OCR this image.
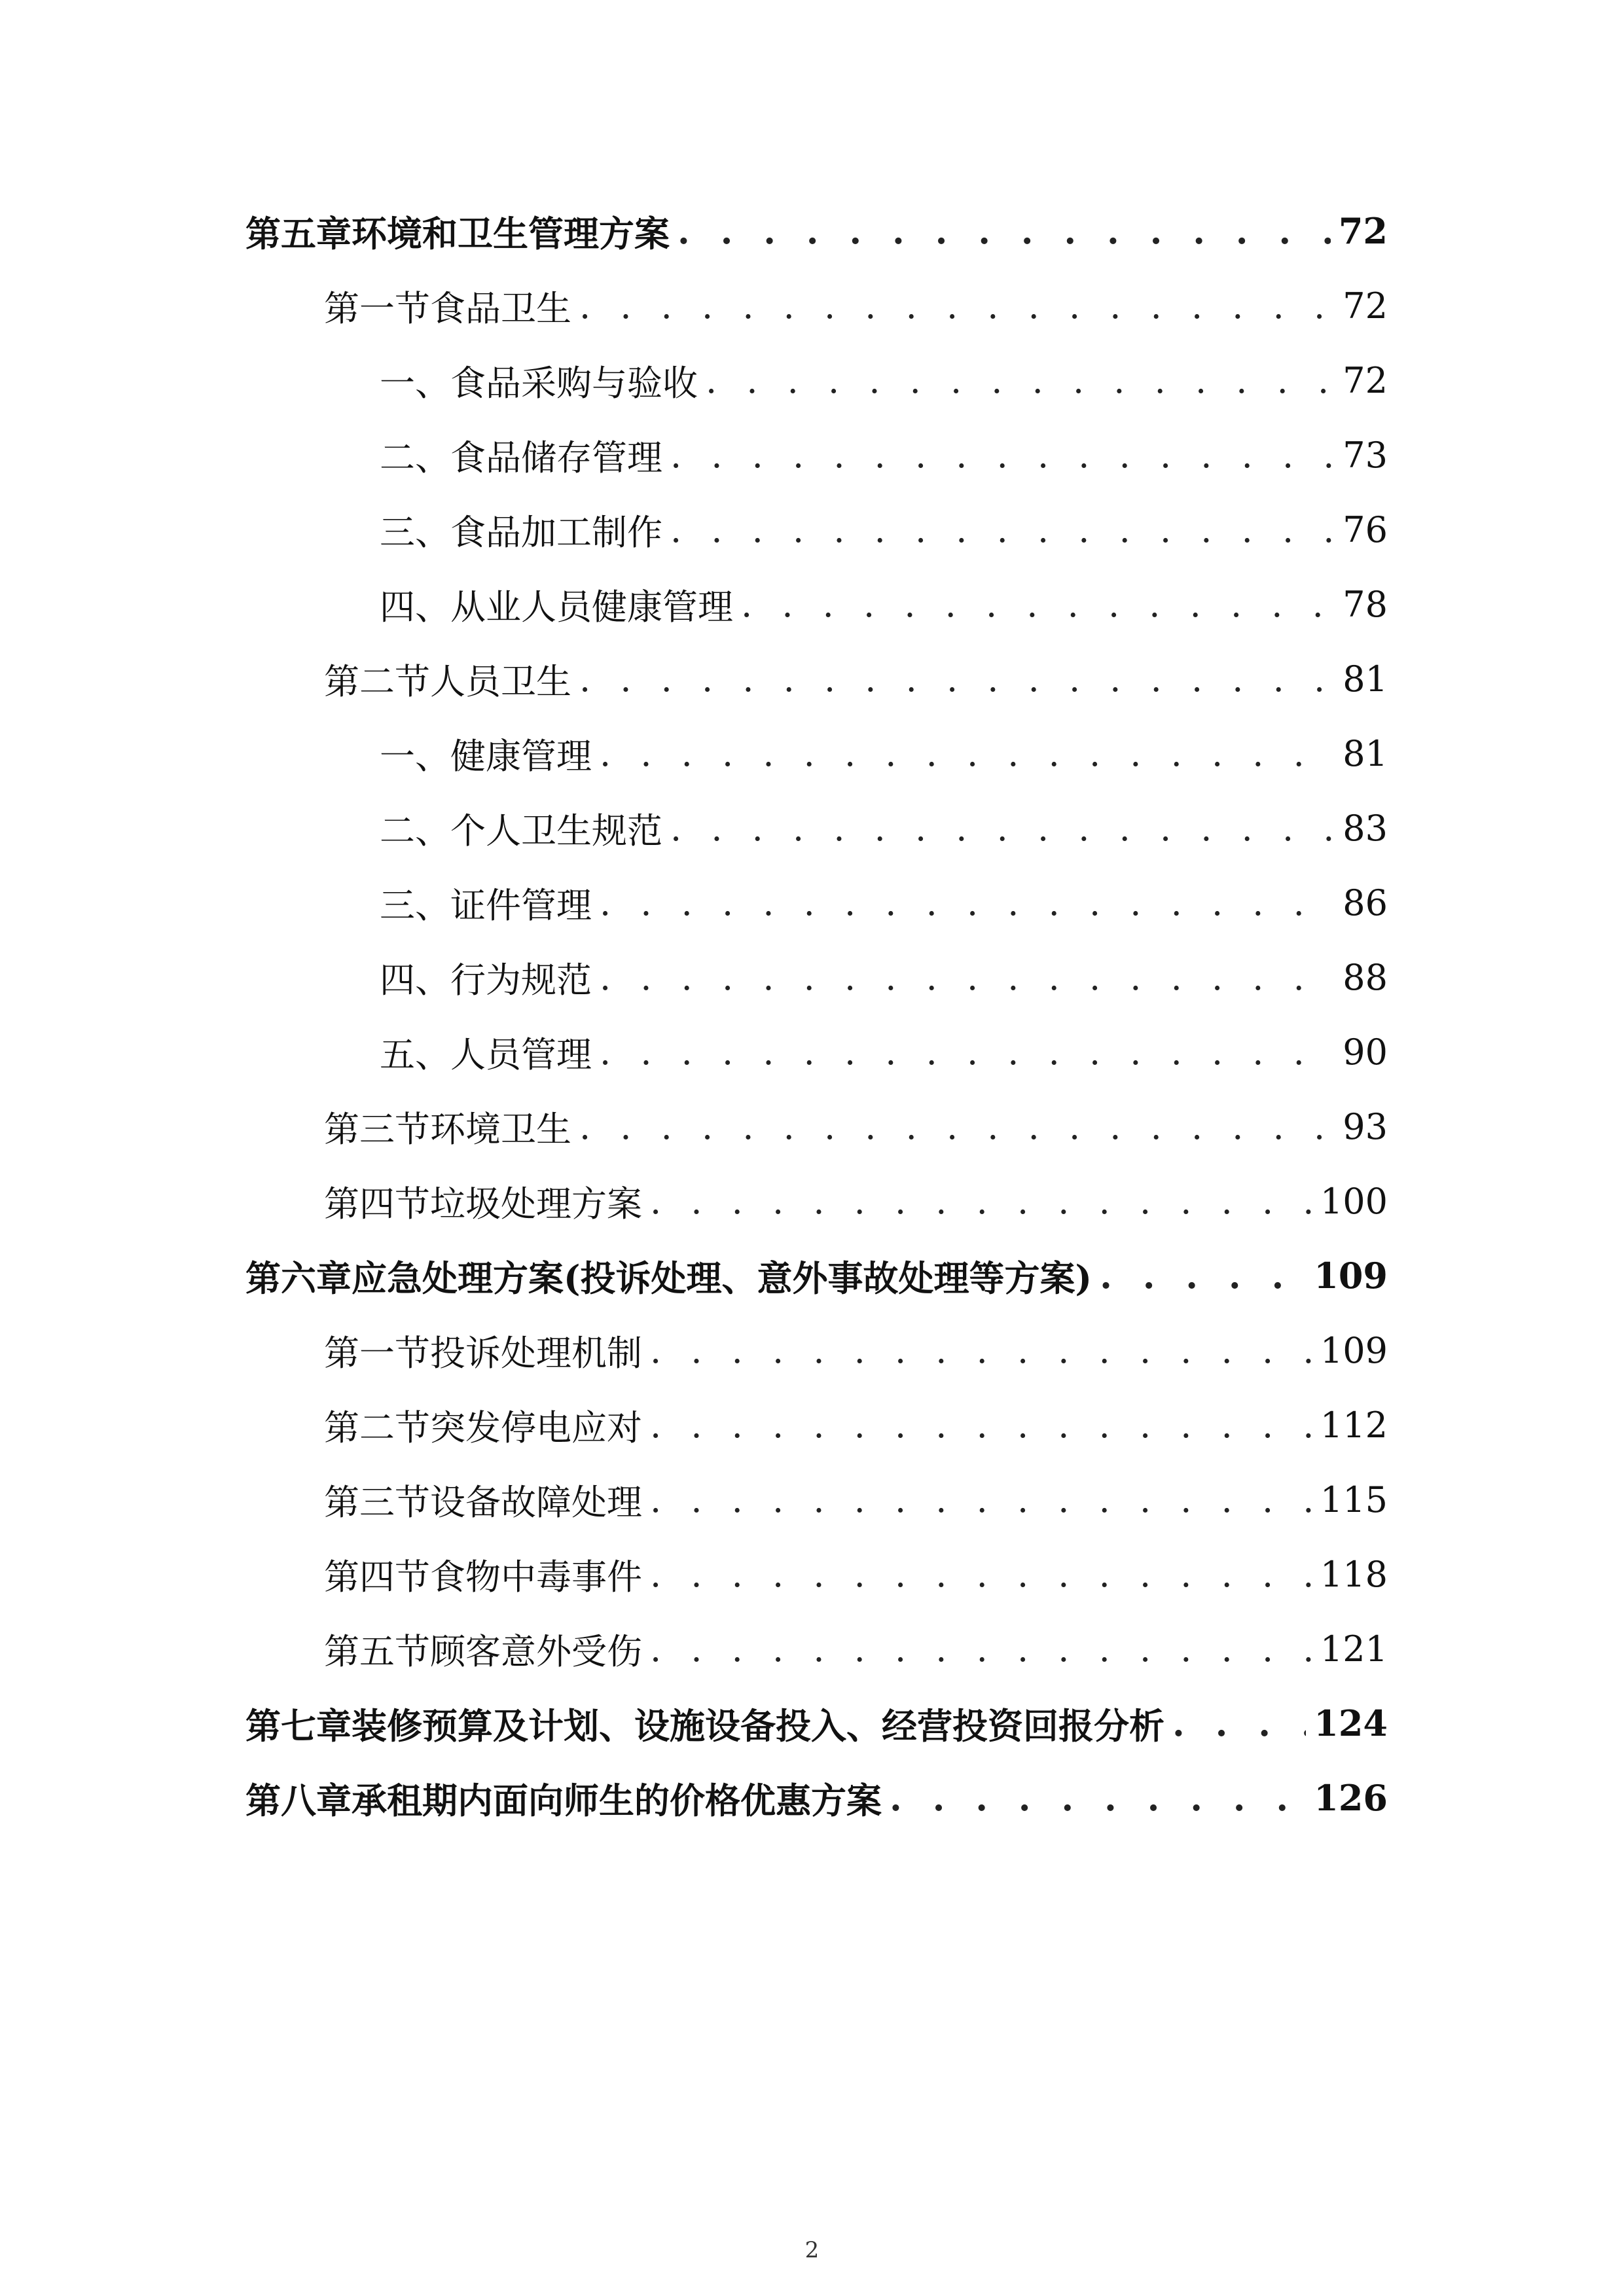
第五章 环境和卫生管理方案 . . .	72
第一节 食品卫生 . . .	72
一、 食品采购与验收 . . .	72
二、 食品储存管理 . . .	73
三、 食品加工制作 . . .	76
四、 从业人员健康管理 . . .	78
第二节 人员卫生 . . .	81
一、 健康管理 . . .	81
二、 个人卫生规范 . . .	83
三、 证件管理 . . .	86
四、 行为规范 . . .	88
五、 人员管理 . . .	90
第三节 环境卫生 . . .	93
第四节 垃圾处理方案 . . .	100
第六章 应急处理方案(投诉处理、意外事故处理等方案) . . .	109
第一节 投诉处理机制 . . .	109
第二节 突发停电应对 . . .	112
第三节 设备故障处理 . . .	115
第四节 食物中毒事件 . . .	118
第五节 顾客意外受伤 . . .	121
第七章 装修预算及计划、设施设备投入、经营投资回报分析 . . .	124
第八章 承租期内面向师生的价格优惠方案 . . .	126
2
